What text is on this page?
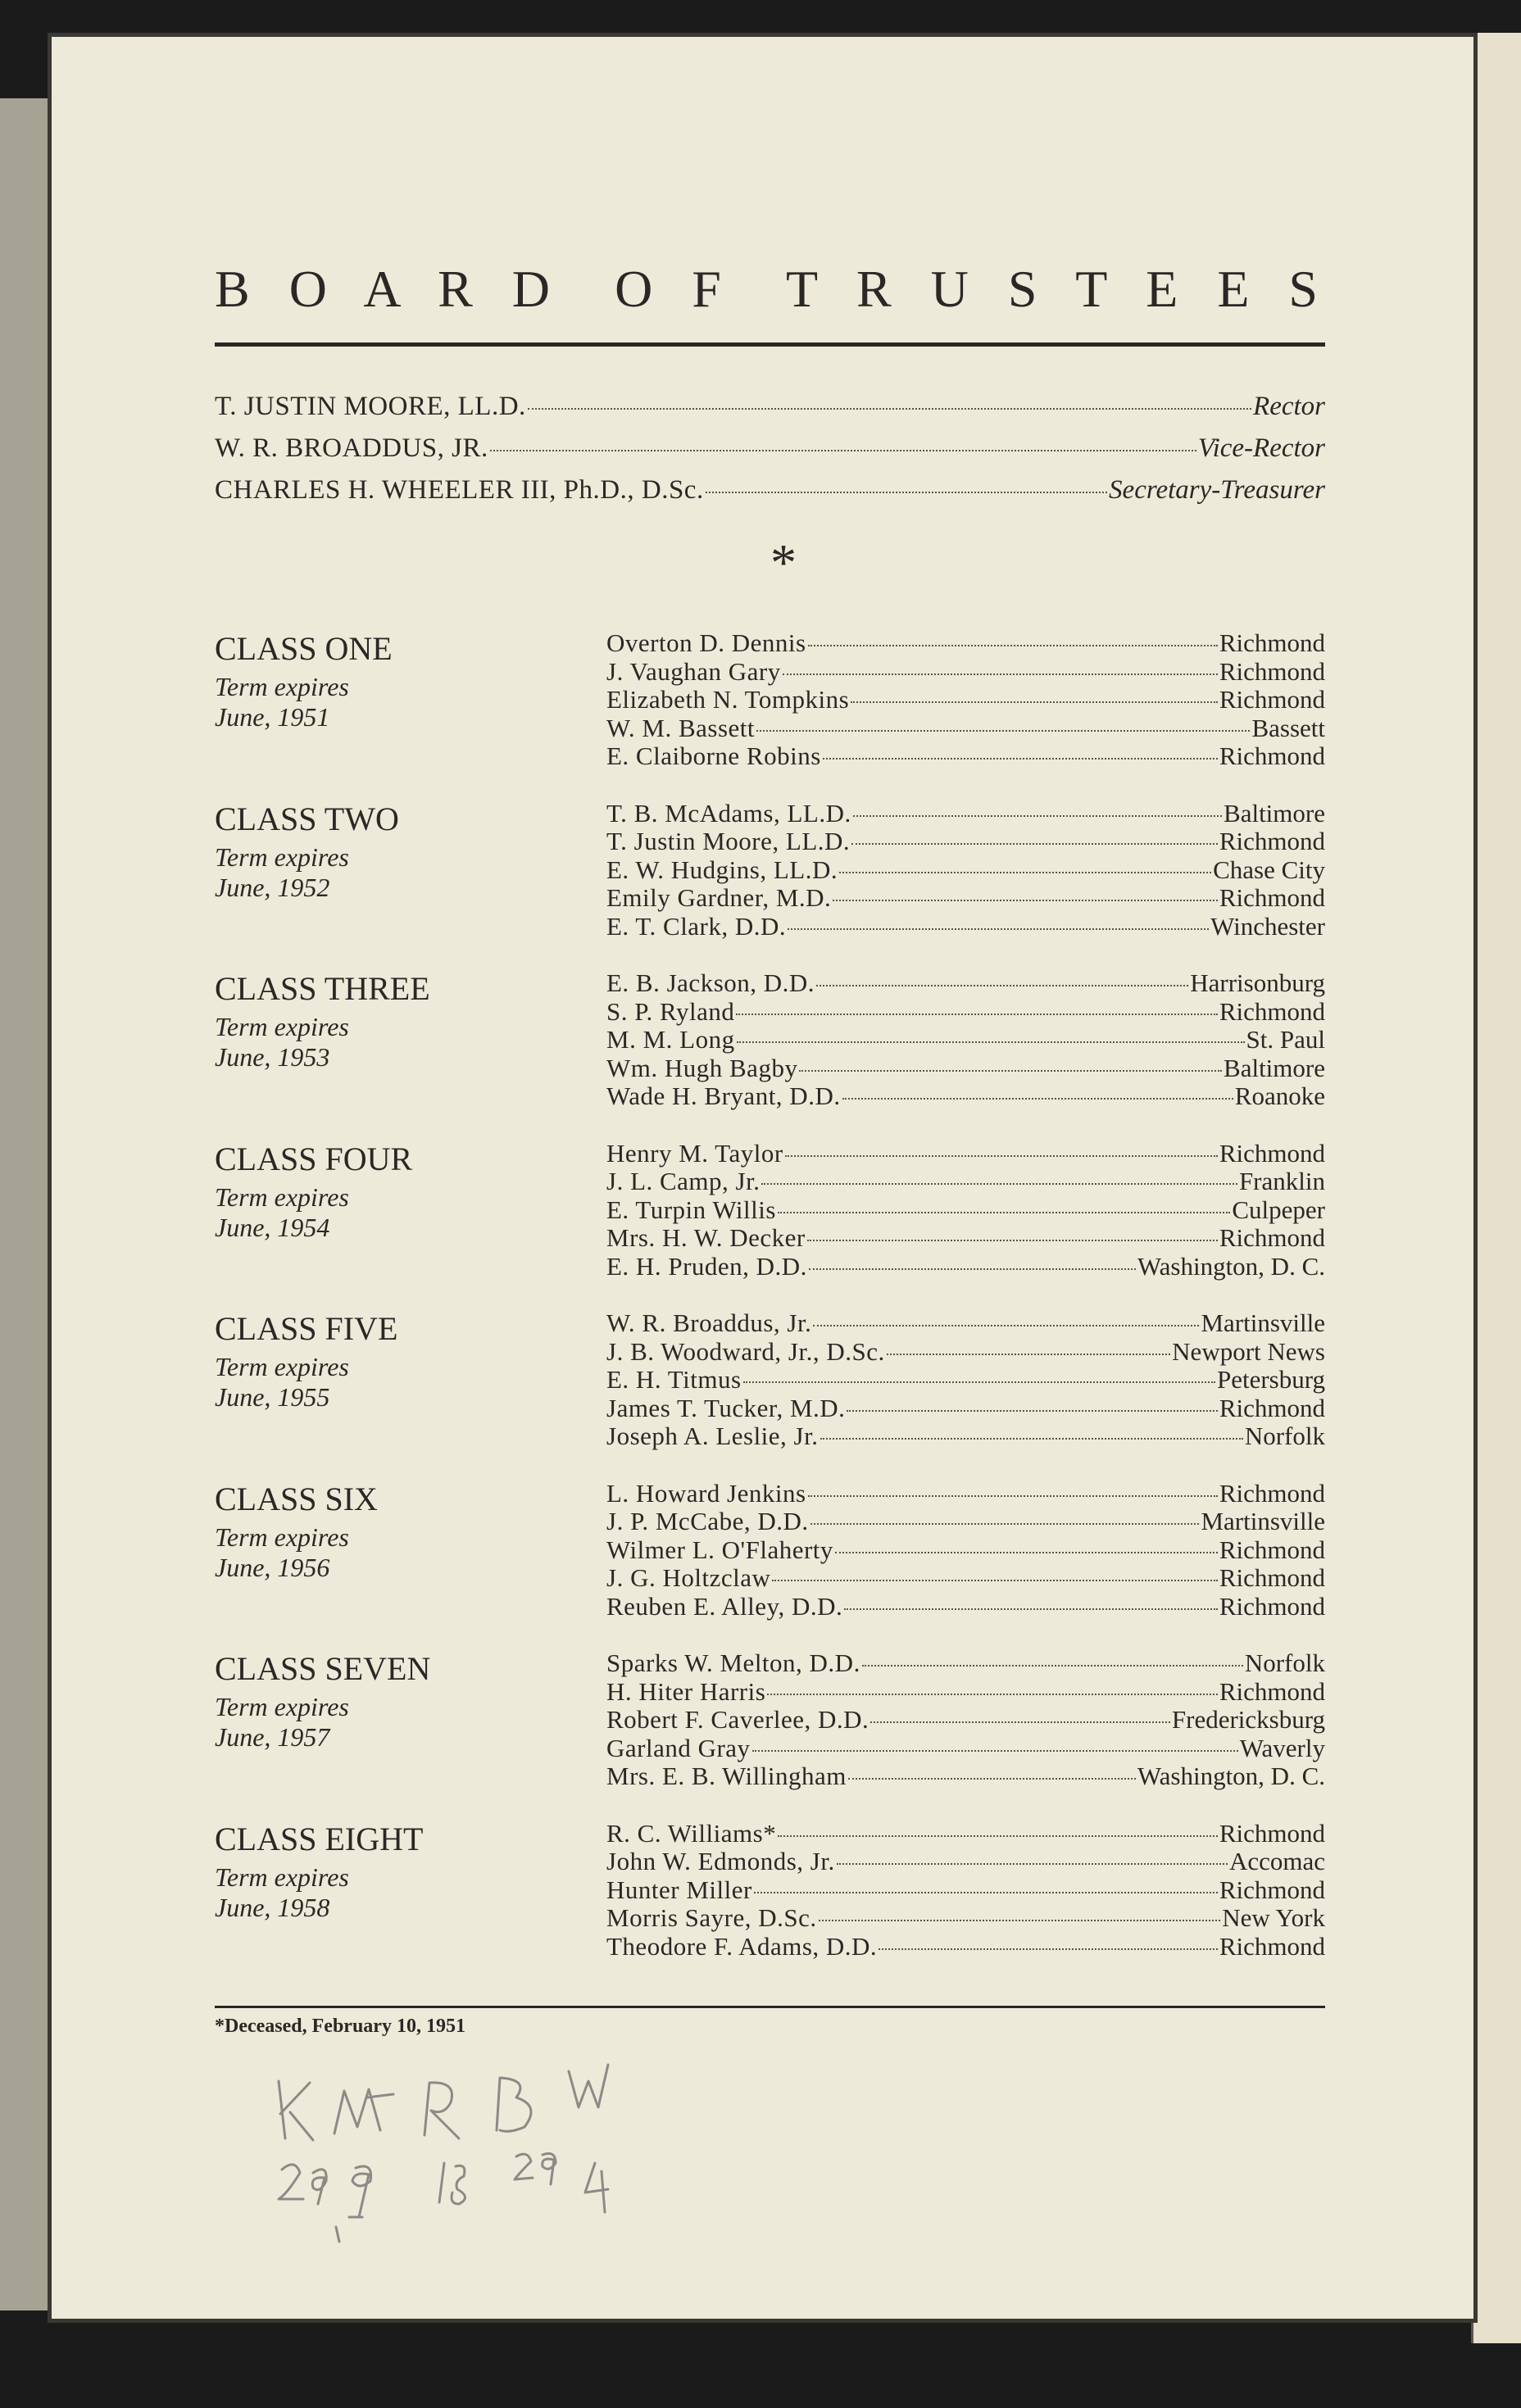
B O A R D O F T R U S T E E S
T. JUSTIN MOORE, LL.D.	Rector
W. R. BROADDUS, JR.	Vice-Rector
CHARLES H. WHEELER III, Ph.D., D.Sc.	Secretary-Treasurer
*
CLASS ONE
Term expires
June, 1951
Overton D. Dennis	Richmond
J. Vaughan Gary	Richmond
Elizabeth N. Tompkins	Richmond
W. M. Bassett	Bassett
E. Claiborne Robins	Richmond
CLASS TWO
Term expires
June, 1952
T. B. McAdams, LL.D.	Baltimore
T. Justin Moore, LL.D.	Richmond
E. W. Hudgins, LL.D.	Chase City
Emily Gardner, M.D.	Richmond
E. T. Clark, D.D.	Winchester
CLASS THREE
Term expires
June, 1953
E. B. Jackson, D.D.	Harrisonburg
S. P. Ryland	Richmond
M. M. Long	St. Paul
Wm. Hugh Bagby	Baltimore
Wade H. Bryant, D.D.	Roanoke
CLASS FOUR
Term expires
June, 1954
Henry M. Taylor	Richmond
J. L. Camp, Jr.	Franklin
E. Turpin Willis	Culpeper
Mrs. H. W. Decker	Richmond
E. H. Pruden, D.D.	Washington, D. C.
CLASS FIVE
Term expires
June, 1955
W. R. Broaddus, Jr.	Martinsville
J. B. Woodward, Jr., D.Sc.	Newport News
E. H. Titmus	Petersburg
James T. Tucker, M.D.	Richmond
Joseph A. Leslie, Jr.	Norfolk
CLASS SIX
Term expires
June, 1956
L. Howard Jenkins	Richmond
J. P. McCabe, D.D.	Martinsville
Wilmer L. O'Flaherty	Richmond
J. G. Holtzclaw	Richmond
Reuben E. Alley, D.D.	Richmond
CLASS SEVEN
Term expires
June, 1957
Sparks W. Melton, D.D.	Norfolk
H. Hiter Harris	Richmond
Robert F. Caverlee, D.D.	Fredericksburg
Garland Gray	Waverly
Mrs. E. B. Willingham	Washington, D. C.
CLASS EIGHT
Term expires
June, 1958
R. C. Williams*	Richmond
John W. Edmonds, Jr.	Accomac
Hunter Miller	Richmond
Morris Sayre, D.Sc.	New York
Theodore F. Adams, D.D.	Richmond
*Deceased, February 10, 1951
